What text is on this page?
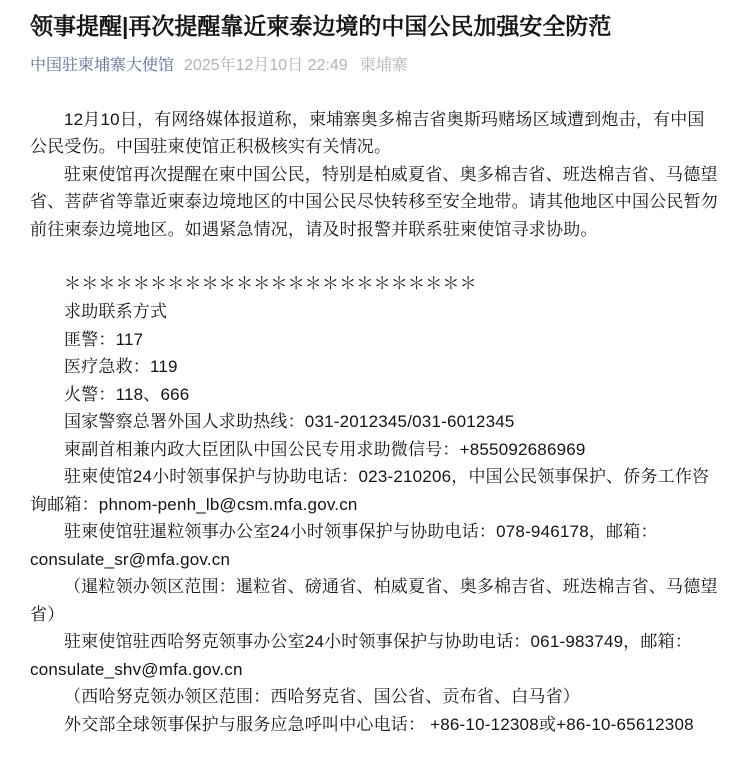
领事提醒|再次提醒靠近柬泰边境的中国公民加强安全防范
中国驻柬埔寨大使馆 2025年12月10日 22:49 柬埔寨

12月10日，有网络媒体报道称，柬埔寨奥多棉吉省奥斯玛赌场区域遭到炮击，有中国公民受伤。中国驻柬使馆正积极核实有关情况。

驻柬使馆再次提醒在柬中国公民，特别是柏威夏省、奥多棉吉省、班迭棉吉省、马德望省、菩萨省等靠近柬泰边境地区的中国公民尽快转移至安全地带。请其他地区中国公民暂勿前往柬泰边境地区。如遇紧急情况，请及时报警并联系驻柬使馆寻求协助。

＊＊＊＊＊＊＊＊＊＊＊＊＊＊＊＊＊＊＊＊＊＊＊＊

求助联系方式

匪警：117

医疗急救：119

火警：118、666

国家警察总署外国人求助热线：031-2012345/031-6012345

柬副首相兼内政大臣团队中国公民专用求助微信号：+855092686969

驻柬使馆24小时领事保护与协助电话：023-210206，中国公民领事保护、侨务工作咨询邮箱：phnom-penh_lb@csm.mfa.gov.cn

驻柬使馆驻暹粒领事办公室24小时领事保护与协助电话：078-946178，邮箱：consulate_sr@mfa.gov.cn

（暹粒领办领区范围：暹粒省、磅通省、柏威夏省、奥多棉吉省、班迭棉吉省、马德望省）

驻柬使馆驻西哈努克领事办公室24小时领事保护与协助电话：061-983749，邮箱：consulate_shv@mfa.gov.cn

（西哈努克领办领区范围：西哈努克省、国公省、贡布省、白马省）

外交部全球领事保护与服务应急呼叫中心电话： +86-10-12308或+86-10-65612308
